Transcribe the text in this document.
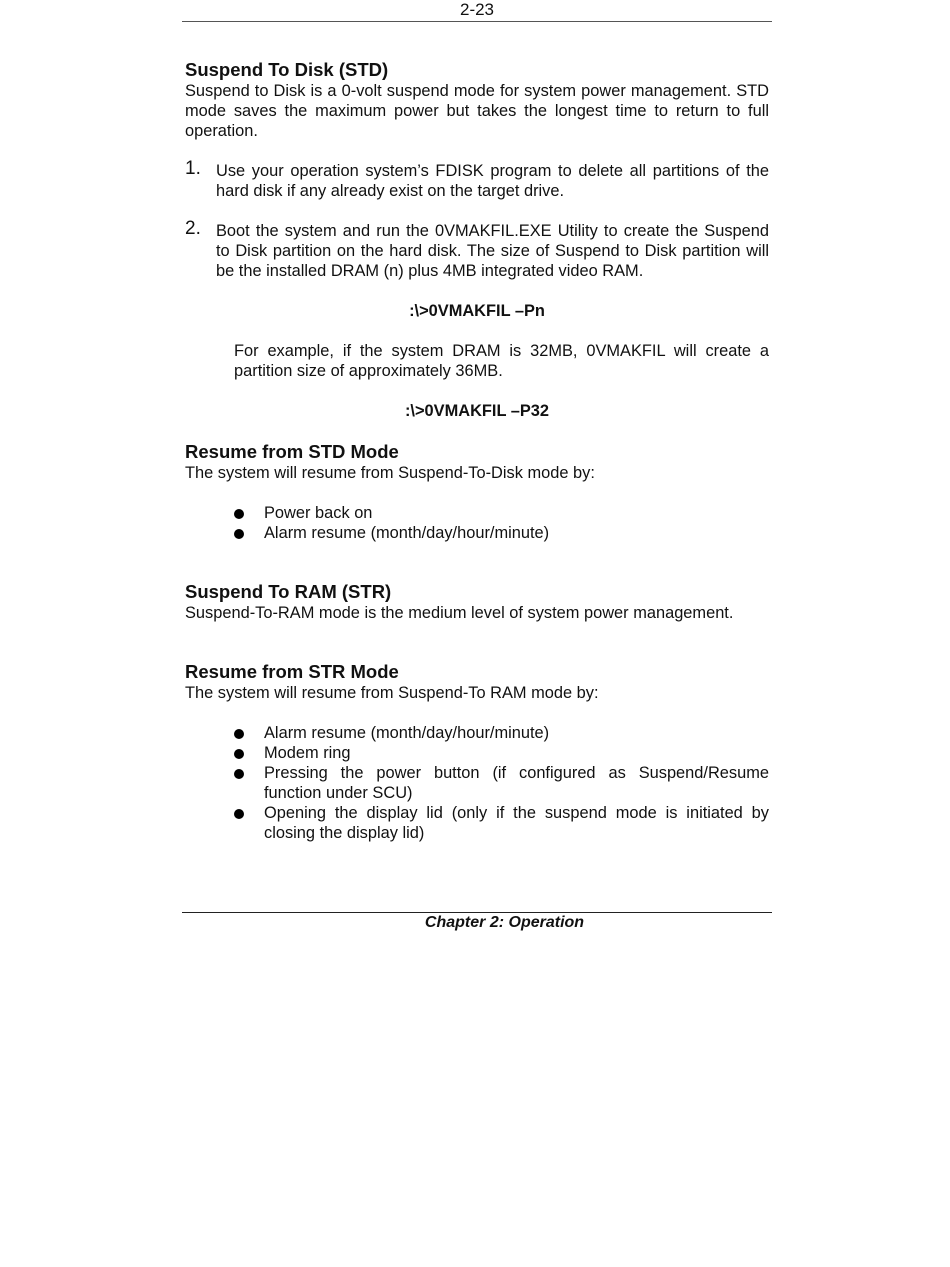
2-23
Suspend To Disk (STD)

Suspend to Disk is a 0-volt suspend mode for system power management. STD mode saves the maximum power but takes the longest time to return to full operation.

1. Use your operation system’s FDISK program to delete all partitions of the hard disk if any already exist on the target drive.
2. Boot the system and run the 0VMAKFIL.EXE Utility to create the Suspend to Disk partition on the hard disk. The size of Suspend to Disk partition will be the installed DRAM (n) plus 4MB integrated video RAM.

:\>0VMAKFIL –Pn

For example, if the system DRAM is 32MB, 0VMAKFIL will create a partition size of approximately 36MB.

:\>0VMAKFIL –P32

Resume from STD Mode

The system will resume from Suspend-To-Disk mode by:

Power back on
Alarm resume (month/day/hour/minute)
Suspend To RAM (STR)

Suspend-To-RAM mode is the medium level of system power management.

Resume from STR Mode

The system will resume from Suspend-To RAM mode by:

Alarm resume (month/day/hour/minute)
Modem ring
Pressing the power button (if configured as Suspend/Resume function under SCU)
Opening the display lid (only if the suspend mode is initiated by closing the display lid)
Chapter 2: Operation
